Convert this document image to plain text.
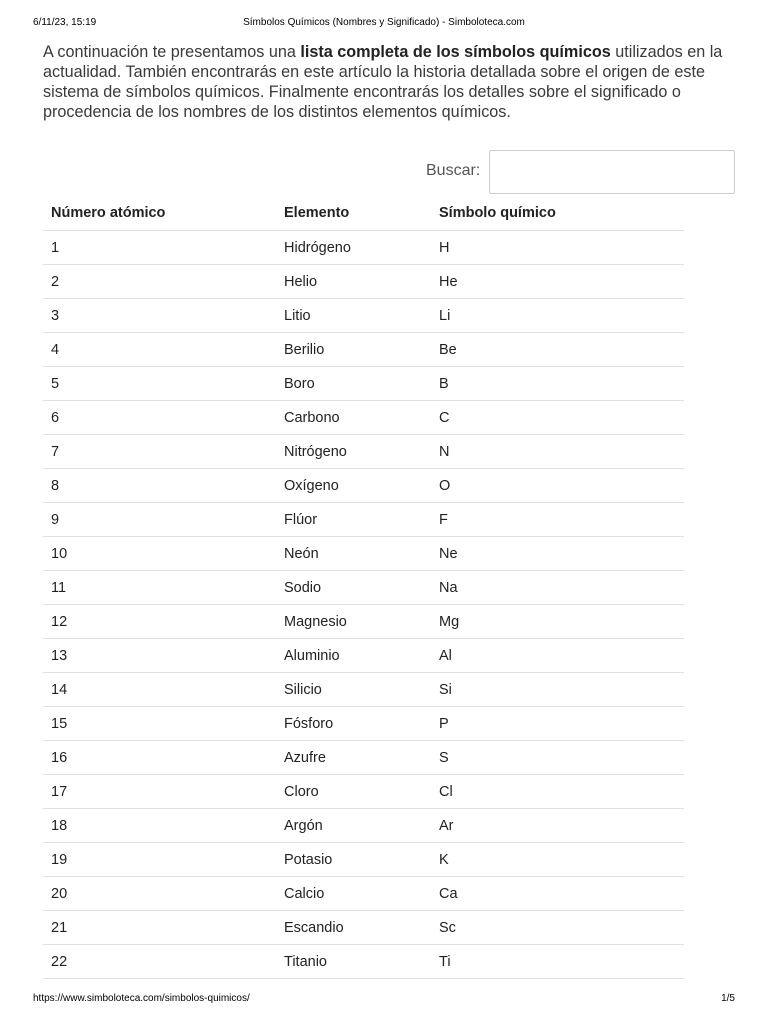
6/11/23, 15:19	Símbolos Químicos (Nombres y Significado) - Simboloteca.com

A continuación te presentamos una lista completa de los símbolos químicos utilizados en la actualidad. También encontrarás en este artículo la historia detallada sobre el origen de este sistema de símbolos químicos. Finalmente encontrarás los detalles sobre el significado o procedencia de los nombres de los distintos elementos químicos.

Buscar:
Número atómico	Elemento	Símbolo químico
1	Hidrógeno	H
2	Helio	He
3	Litio	Li
4	Berilio	Be
5	Boro	B
6	Carbono	C
7	Nitrógeno	N
8	Oxígeno	O
9	Flúor	F
10	Neón	Ne
11	Sodio	Na
12	Magnesio	Mg
13	Aluminio	Al
14	Silicio	Si
15	Fósforo	P
16	Azufre	S
17	Cloro	Cl
18	Argón	Ar
19	Potasio	K
20	Calcio	Ca
21	Escandio	Sc
22	Titanio	Ti
https://www.simboloteca.com/simbolos-quimicos/	1/5
